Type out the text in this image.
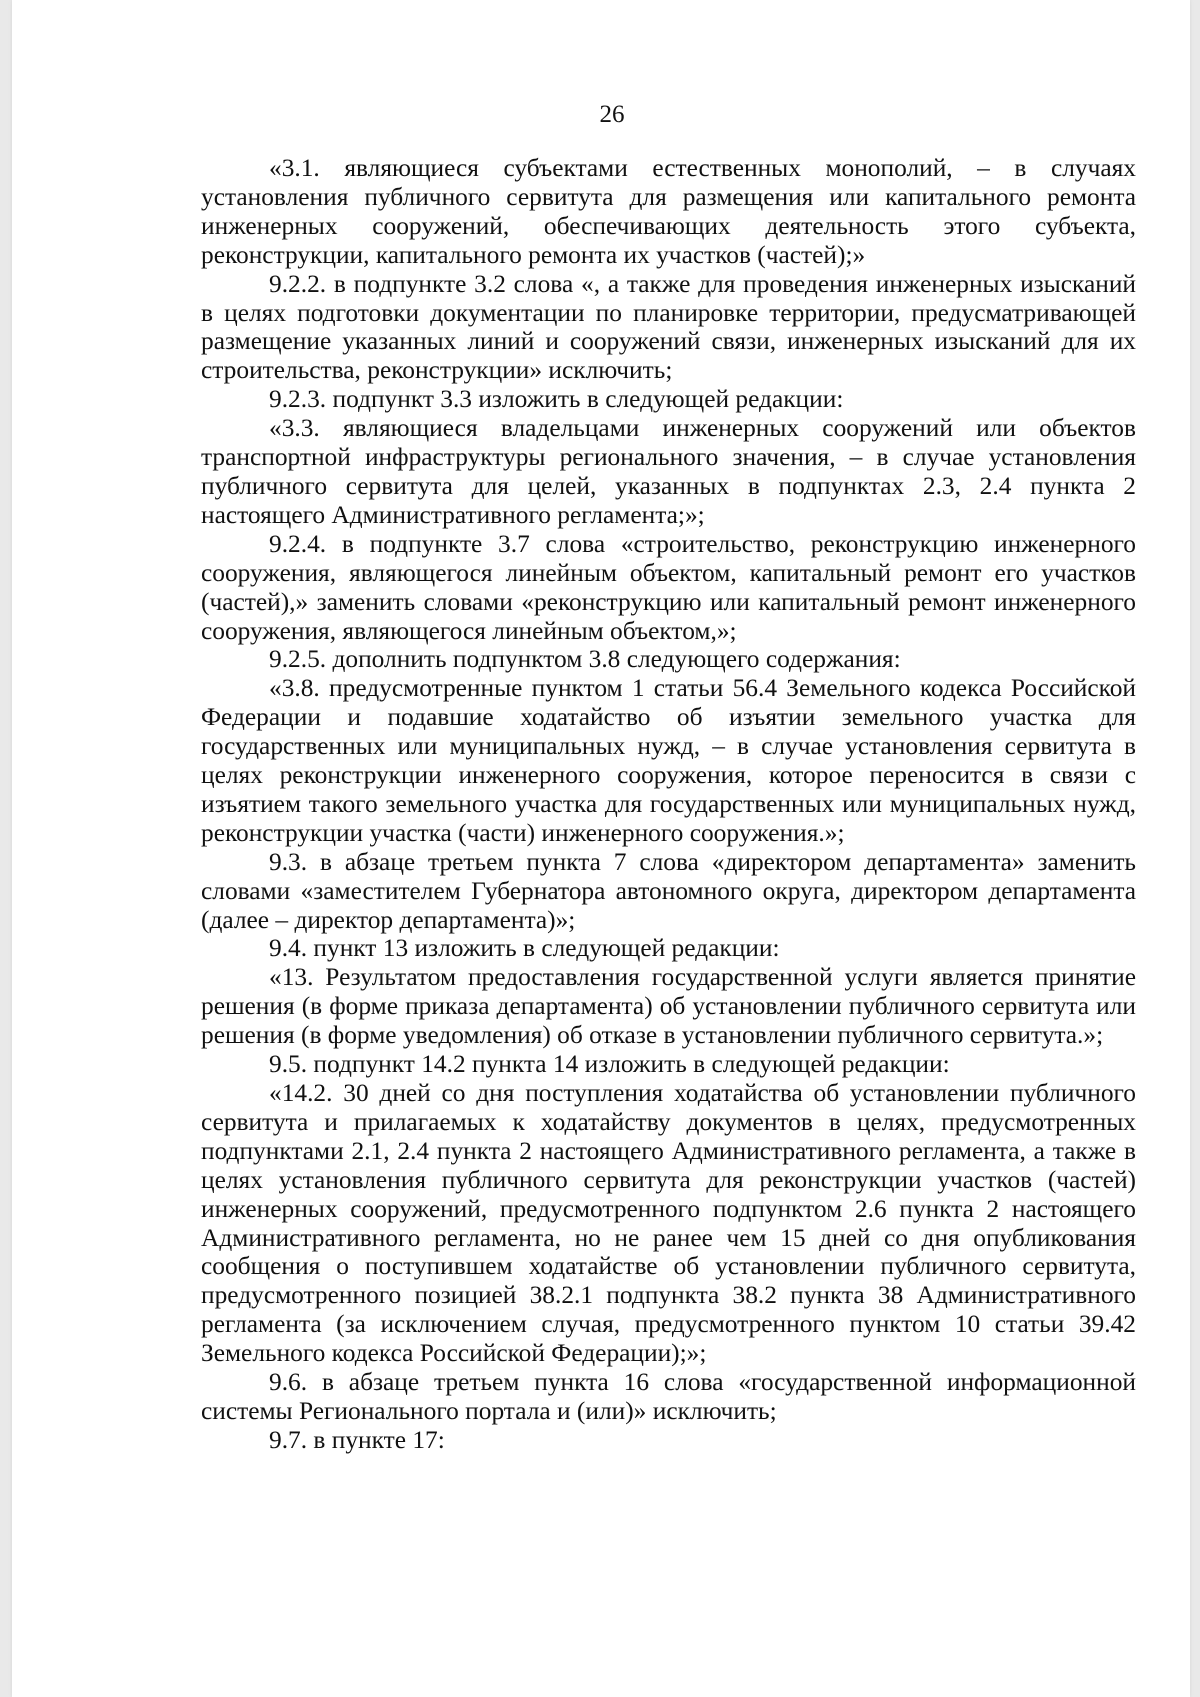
26

«3.1. являющиеся субъектами естественных монополий, – в случаях установления публичного сервитута для размещения или капитального ремонта инженерных сооружений, обеспечивающих деятельность этого субъекта, реконструкции, капитального ремонта их участков (частей);»

9.2.2. в подпункте 3.2 слова «, а также для проведения инженерных изысканий в целях подготовки документации по планировке территории, предусматривающей размещение указанных линий и сооружений связи, инженерных изысканий для их строительства, реконструкции» исключить;

9.2.3. подпункт 3.3 изложить в следующей редакции:

«3.3. являющиеся владельцами инженерных сооружений или объектов транспортной инфраструктуры регионального значения, – в случае установления публичного сервитута для целей, указанных в подпунктах 2.3, 2.4 пункта 2 настоящего Административного регламента;»;

9.2.4. в подпункте 3.7 слова «строительство, реконструкцию инженерного сооружения, являющегося линейным объектом, капитальный ремонт его участков (частей),» заменить словами «реконструкцию или капитальный ремонт инженерного сооружения, являющегося линейным объектом,»;

9.2.5. дополнить подпунктом 3.8 следующего содержания:

«3.8. предусмотренные пунктом 1 статьи 56.4 Земельного кодекса Российской Федерации и подавшие ходатайство об изъятии земельного участка для государственных или муниципальных нужд, – в случае установления сервитута в целях реконструкции инженерного сооружения, которое переносится в связи с изъятием такого земельного участка для государственных или муниципальных нужд, реконструкции участка (части) инженерного сооружения.»;

9.3. в абзаце третьем пункта 7 слова «директором департамента» заменить словами «заместителем Губернатора автономного округа, директором департамента (далее – директор департамента)»;

9.4. пункт 13 изложить в следующей редакции:

«13. Результатом предоставления государственной услуги является принятие решения (в форме приказа департамента) об установлении публичного сервитута или решения (в форме уведомления) об отказе в установлении публичного сервитута.»;

9.5. подпункт 14.2 пункта 14 изложить в следующей редакции:

«14.2. 30 дней со дня поступления ходатайства об установлении публичного сервитута и прилагаемых к ходатайству документов в целях, предусмотренных подпунктами 2.1, 2.4 пункта 2 настоящего Административного регламента, а также в целях установления публичного сервитута для реконструкции участков (частей) инженерных сооружений, предусмотренного подпунктом 2.6 пункта 2 настоящего Административного регламента, но не ранее чем 15 дней со дня опубликования сообщения о поступившем ходатайстве об установлении публичного сервитута, предусмотренного позицией 38.2.1 подпункта 38.2 пункта 38 Административного регламента (за исключением случая, предусмотренного пунктом 10 статьи 39.42 Земельного кодекса Российской Федерации);»;

9.6. в абзаце третьем пункта 16 слова «государственной информационной системы Регионального портала и (или)» исключить;

9.7. в пункте 17:
